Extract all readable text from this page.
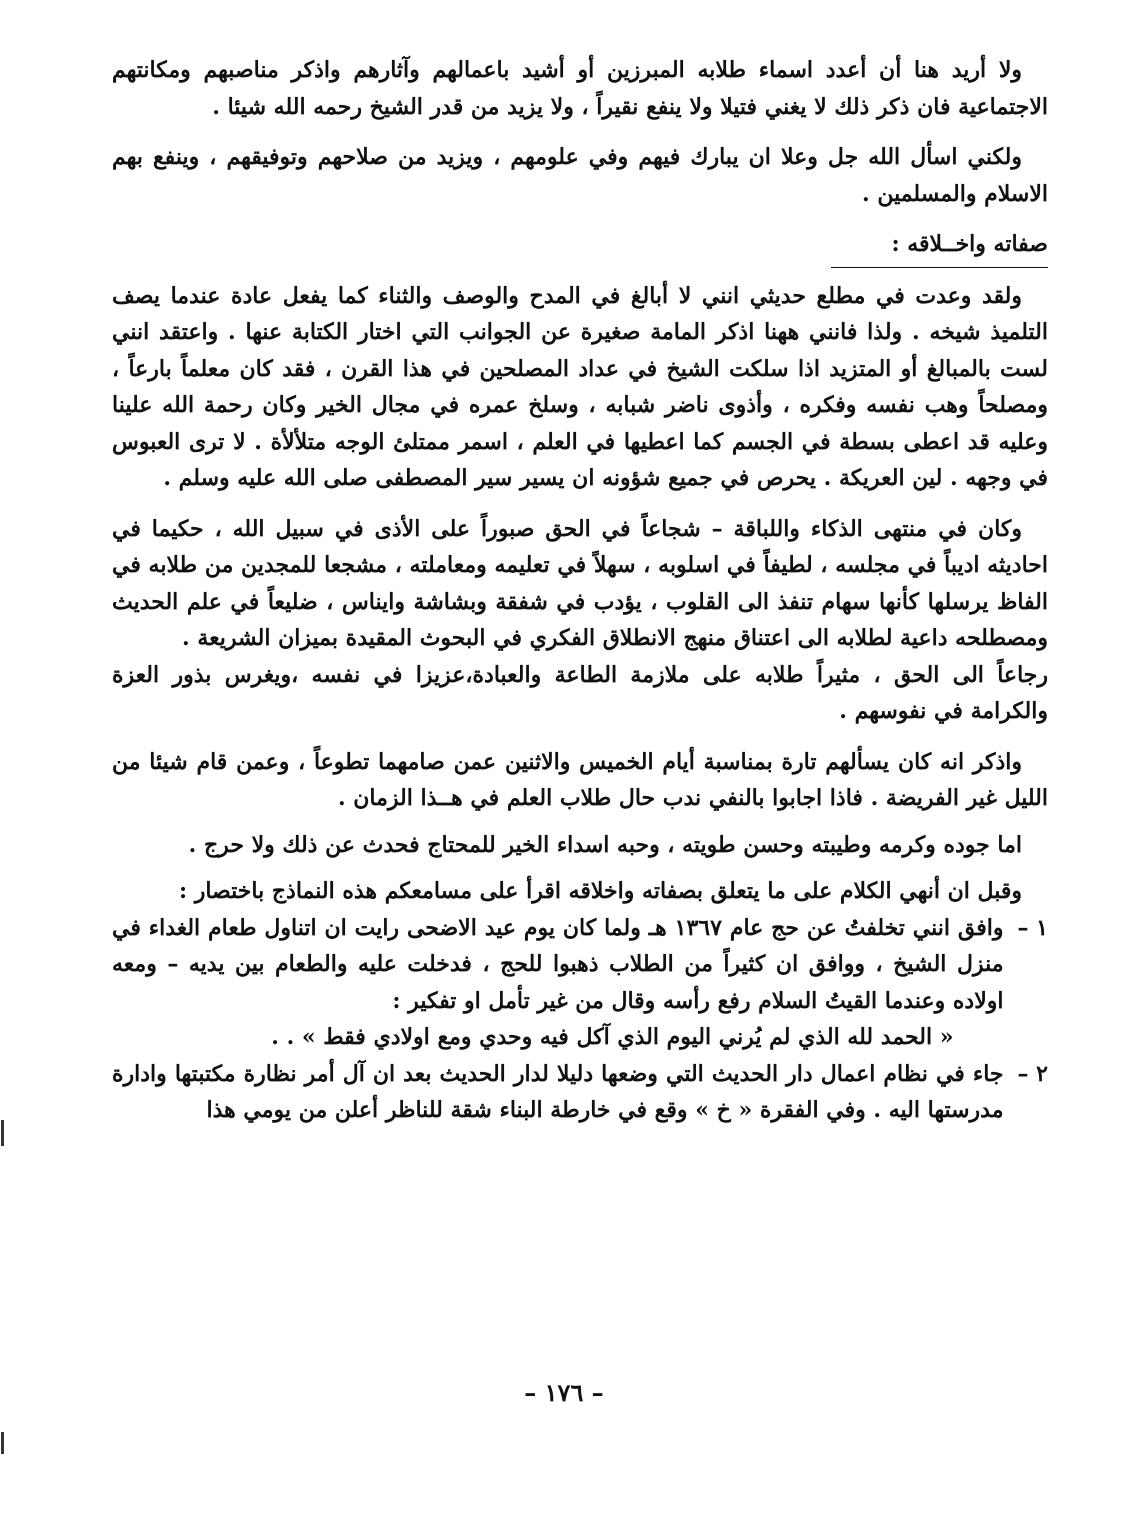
ولا أريد هنا أن أعدد اسماء طلابه المبرزين أو أشيد باعمالهم وآثارهم واذكر مناصبهم ومكانتهم الاجتماعية فان ذكر ذلك لا يغني فتيلا ولا ينفع نقيراً ، ولا يزيد من قدر الشيخ رحمه الله شيئا .

ولكني اسأل الله جل وعلا ان يبارك فيهم وفي علومهم ، ويزيد من صلاحهم وتوفيقهم ، وينفع بهم الاسلام والمسلمين .

صفاته واخــلاقه :

ولقد وعدت في مطلع حديثي انني لا أبالغ في المدح والوصف والثناء كما يفعل عادة عندما يصف التلميذ شيخه . ولذا فانني ههنا اذكر المامة صغيرة عن الجوانب التي اختار الكتابة عنها . واعتقد انني لست بالمبالغ أو المتزيد اذا سلكت الشيخ في عداد المصلحين في هذا القرن ، فقد كان معلماً بارعاً ، ومصلحاً وهب نفسه وفكره ، وأذوى ناضر شبابه ، وسلخ عمره في مجال الخير وكان رحمة الله علينا وعليه قد اعطى بسطة في الجسم كما اعطيها في العلم ، اسمر ممتلئ الوجه متلألأة . لا ترى العبوس في وجهه . لين العريكة . يحرص في جميع شؤونه ان يسير سير المصطفى صلى الله عليه وسلم .

وكان في منتهى الذكاء واللباقة – شجاعاً في الحق صبوراً على الأذى في سبيل الله ، حكيما في احاديثه اديباً في مجلسه ، لطيفاً في اسلوبه ، سهلاً في تعليمه ومعاملته ، مشجعا للمجدين من طلابه في الفاظ يرسلها كأنها سهام تنفذ الى القلوب ، يؤدب في شفقة وبشاشة وايناس ، ضليعاً في علم الحديث ومصطلحه داعية لطلابه الى اعتناق منهج الانطلاق الفكري في البحوث المقيدة بميزان الشريعة .

رجاعاً الى الحق ، مثيراً طلابه على ملازمة الطاعة والعبادة،عزيزا في نفسه ،ويغرس بذور العزة والكرامة في نفوسهم .

واذكر انه كان يسألهم تارة بمناسبة أيام الخميس والاثنين عمن صامهما تطوعاً ، وعمن قام شيئا من الليل غير الفريضة . فاذا اجابوا بالنفي ندب حال طلاب العلم في هــذا الزمان .

اما جوده وكرمه وطيبته وحسن طويته ، وحبه اسداء الخير للمحتاج فحدث عن ذلك ولا حرج .

وقبل ان أنهي الكلام على ما يتعلق بصفاته واخلاقه اقرأ على مسامعكم هذه النماذج باختصار :

١ –

وافق انني تخلفتُ عن حج عام ١٣٦٧ هـ ولما كان يوم عيد الاضحى رايت ان اتناول طعام الغداء في منزل الشيخ ، ووافق ان كثيراً من الطلاب ذهبوا للحج ، فدخلت عليه والطعام بين يديه – ومعه اولاده وعندما القيتُ السلام رفع رأسه وقال من غير تأمل او تفكير :

« الحمد لله الذي لم يُرني اليوم الذي آكل فيه وحدي ومع اولادي فقط » . .

٢ –

جاء في نظام اعمال دار الحديث التي وضعها دليلا لدار الحديث بعد ان آل أمر نظارة مكتبتها وادارة مدرستها اليه . وفي الفقرة « خ » وقع في خارطة البناء شقة للناظر أعلن من يومي هذا

– ١٧٦ –
